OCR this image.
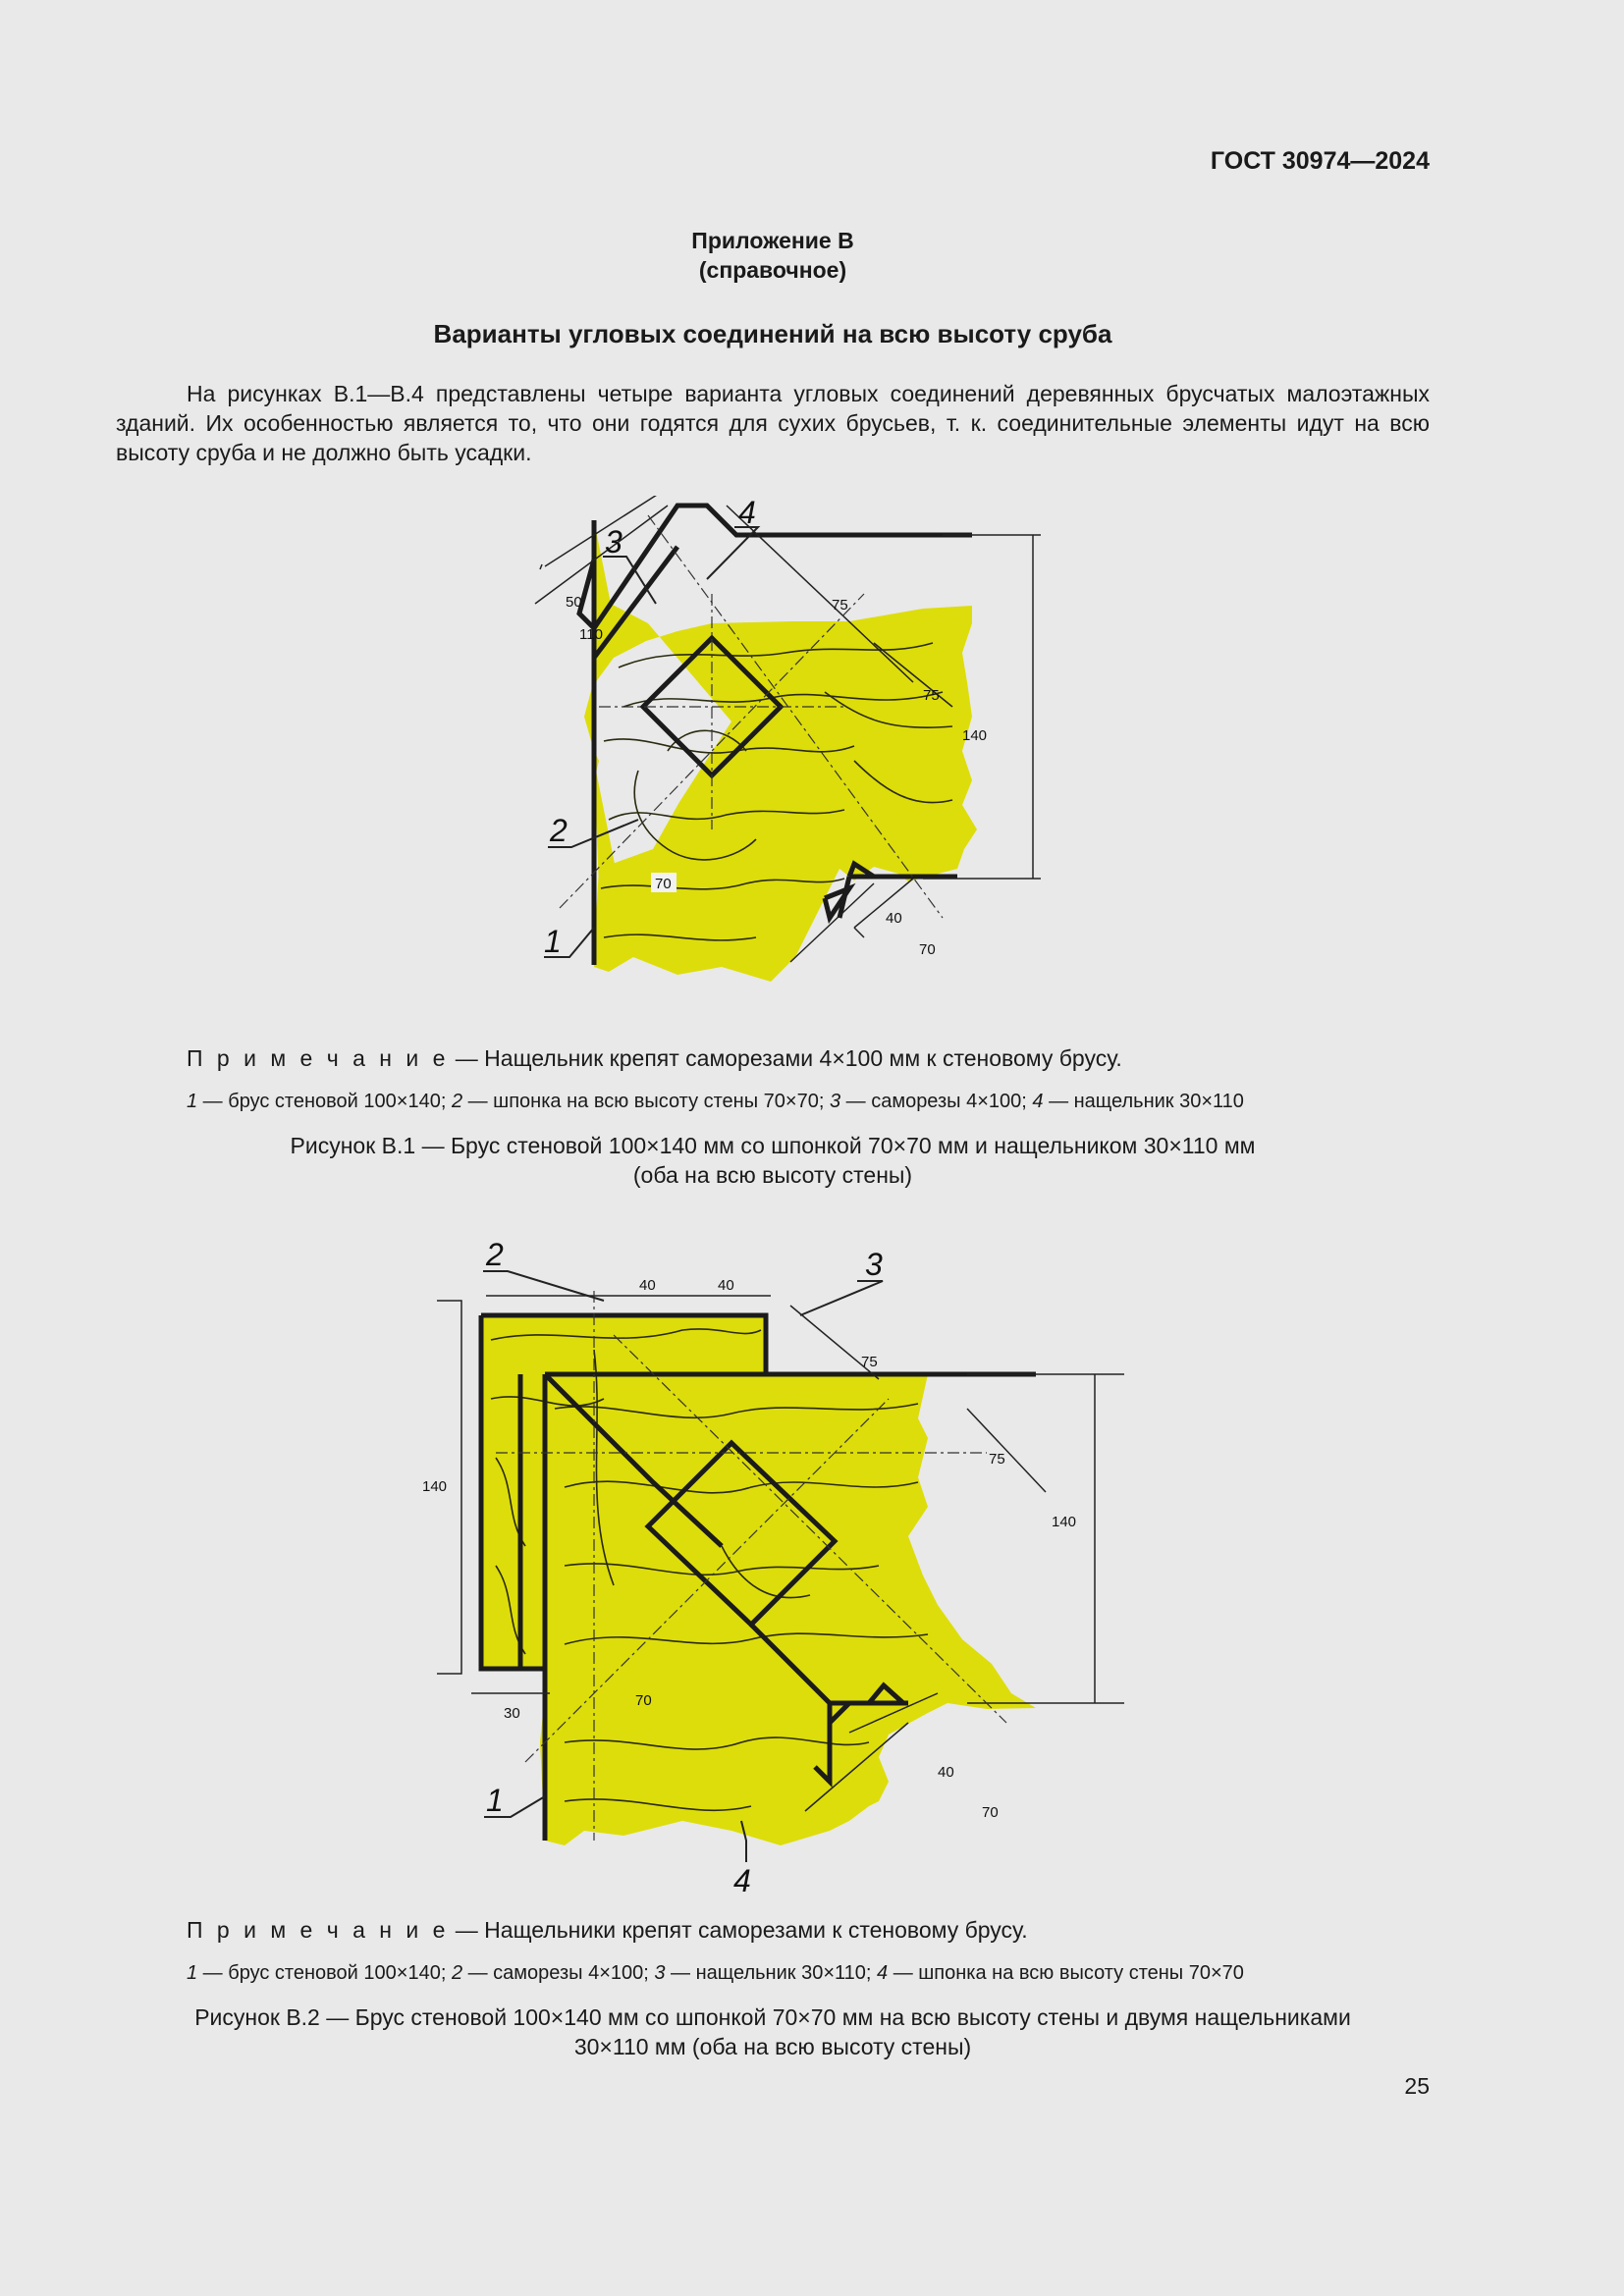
ГОСТ 30974—2024
Приложение В
(справочное)
Варианты угловых соединений на всю высоту сруба

На рисунках В.1—В.4 представлены четыре варианта угловых соединений деревянных брусчатых малоэтажных зданий. Их особенностью является то, что они годятся для сухих брусьев, т. к. соединительные элементы идут на всю высоту сруба и не должно быть усадки.

50
110
75
75
140
70
40
70
1
2
3
4
П р и м е ч а н и е — Нащельник крепят саморезами 4×100 мм к стеновому брусу.
1 — брус стеновой 100×140; 2 — шпонка на всю высоту стены 70×70; 3 — саморезы 4×100; 4 — нащельник 30×110
Рисунок В.1 — Брус стеновой 100×140 мм со шпонкой 70×70 мм и нащельником 30×110 мм
(оба на всю высоту стены)
40	40
75
75
140
140
30
70
40
70
1
2	3
4
П р и м е ч а н и е — Нащельники крепят саморезами к стеновому брусу.
1 — брус стеновой 100×140; 2 — саморезы 4×100; 3 — нащельник 30×110; 4 — шпонка на всю высоту стены 70×70
Рисунок В.2 — Брус стеновой 100×140 мм со шпонкой 70×70 мм на всю высоту стены и двумя нащельниками
30×110 мм (оба на всю высоту стены)
25
